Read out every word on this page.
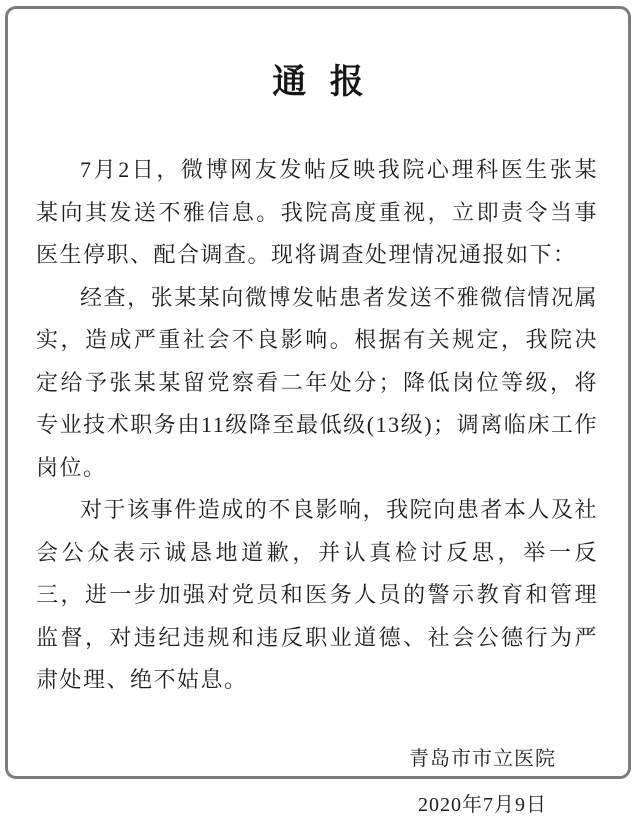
通 报

7月2日，微博网友发帖反映我院心理科医生张某某向其发送不雅信息。我院高度重视，立即责令当事医生停职、配合调查。现将调查处理情况通报如下：

经查，张某某向微博发帖患者发送不雅微信情况属实，造成严重社会不良影响。根据有关规定，我院决定给予张某某留党察看二年处分；降低岗位等级，将专业技术职务由11级降至最低级(13级)；调离临床工作岗位。

对于该事件造成的不良影响，我院向患者本人及社会公众表示诚恳地道歉，并认真检讨反思，举一反三，进一步加强对党员和医务人员的警示教育和管理监督，对违纪违规和违反职业道德、社会公德行为严肃处理、绝不姑息。

青岛市市立医院
2020年7月9日
